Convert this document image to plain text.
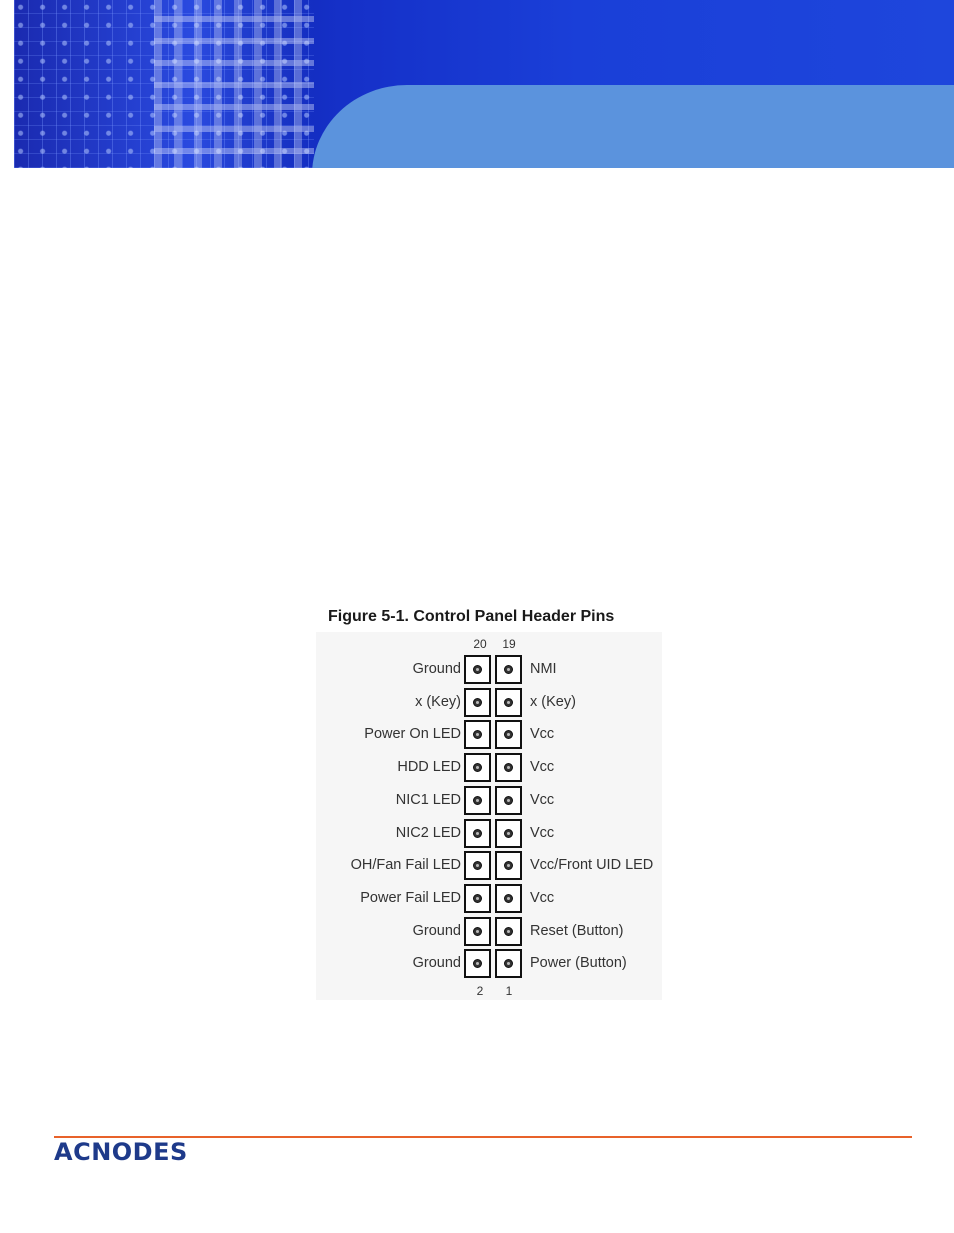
Figure 5-1. Control Panel Header Pins
20	19
Ground	NMI
x (Key)	x (Key)
Power On LED	Vcc
HDD LED	Vcc
NIC1 LED	Vcc
NIC2 LED	Vcc
OH/Fan Fail LED	Vcc/Front UID LED
Power Fail LED	Vcc
Ground	Reset (Button)
Ground	Power (Button)
2	1
ACNODES
